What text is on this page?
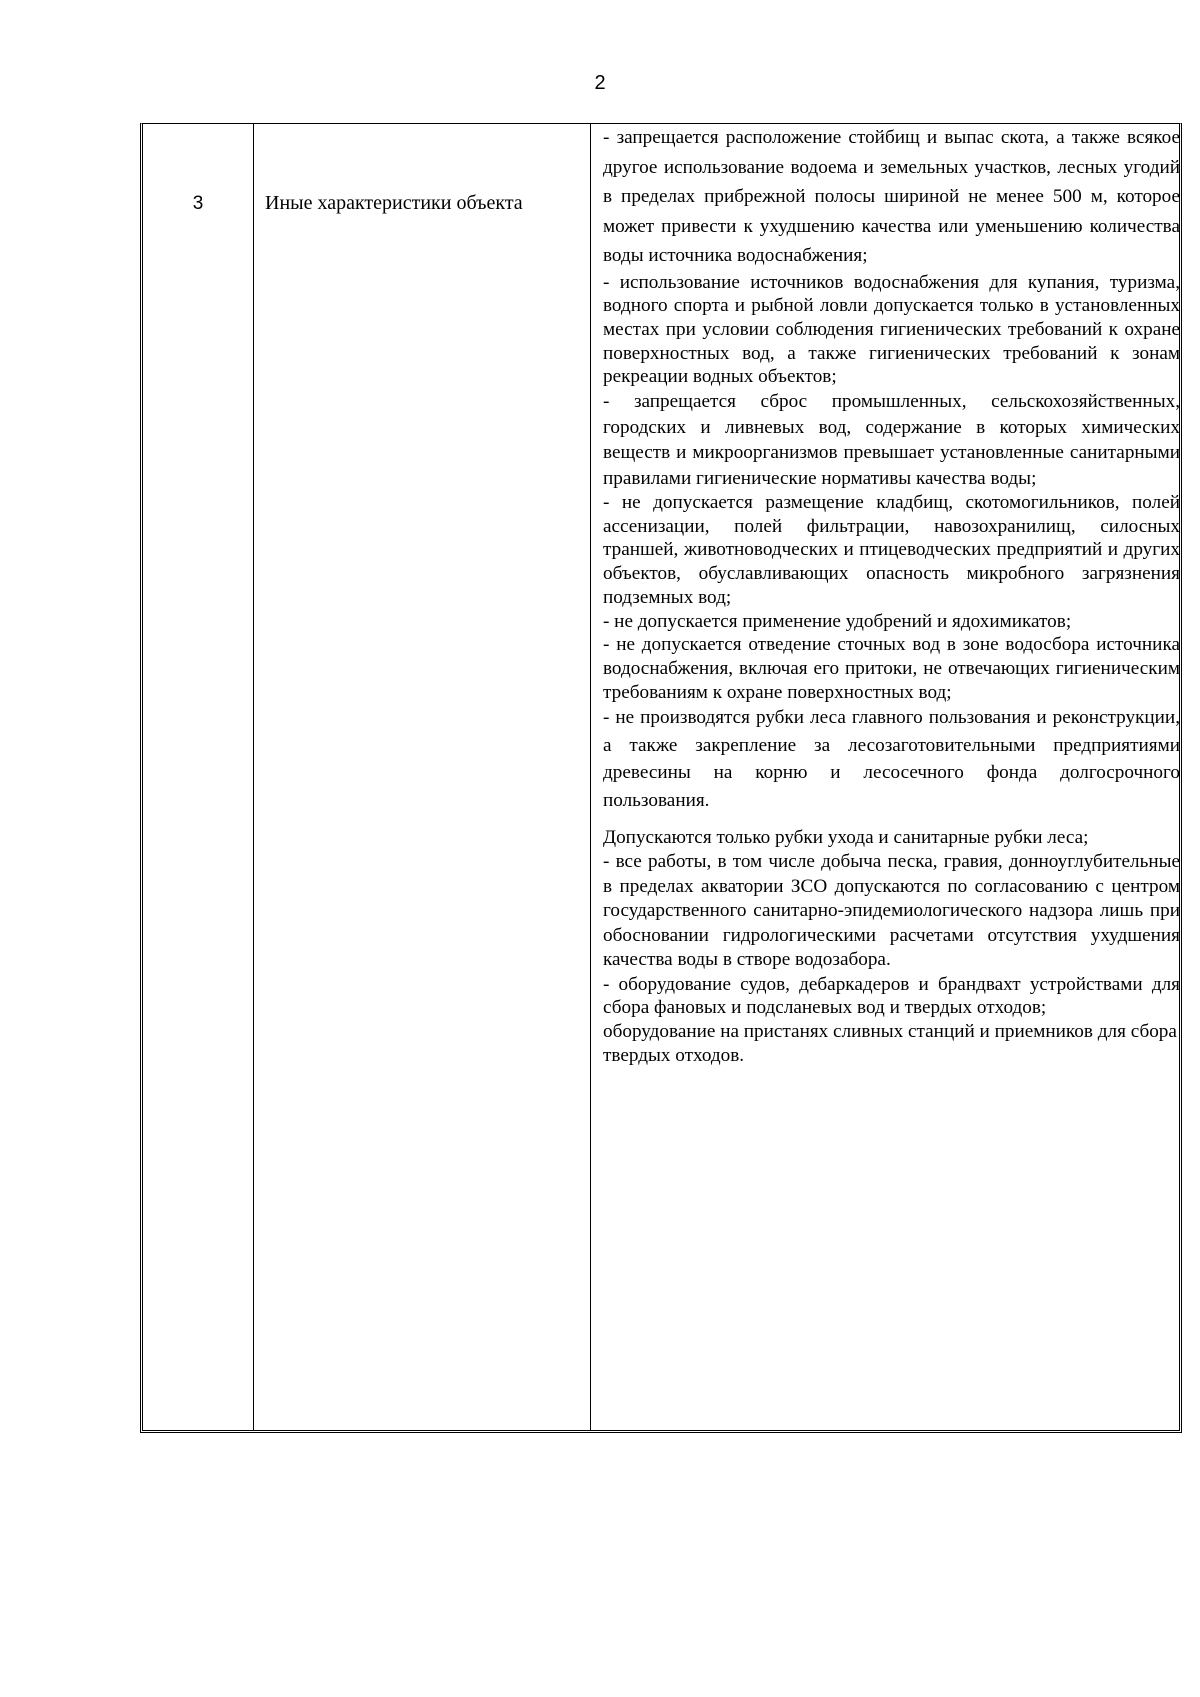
2
3	Иные характеристики объекта

- запрещается расположение стойбищ и выпас скота, а также всякое другое использование водоема и земельных участков, лесных угодий в пределах прибрежной полосы шириной не менее 500 м, которое может привести к ухудшению качества или уменьшению количества воды источника водоснабжения;

- использование источников водоснабжения для купания, туризма, водного спорта и рыбной ловли допускается только в установленных местах при условии соблюдения гигиенических требований к охране поверхностных вод, а также гигиенических требований к зонам рекреации водных объектов;

- запрещается сброс промышленных, сельскохозяйственных, городских и ливневых вод, содержание в которых химических веществ и микроорганизмов превышает установленные санитарными правилами гигиенические нормативы качества воды;

- не допускается размещение кладбищ, скотомогильников, полей ассенизации, полей фильтрации, навозохранилищ, силосных траншей, животноводческих и птицеводческих предприятий и других объектов, обуславливающих опасность микробного загрязнения подземных вод;

- не допускается применение удобрений и ядохимикатов;

- не допускается отведение сточных вод в зоне водосбора источника водоснабжения, включая его притоки, не отвечающих гигиеническим требованиям к охране поверхностных вод;

- не производятся рубки леса главного пользования и реконструкции, а также закрепление за лесозаготовительными предприятиями древесины на корню и лесосечного фонда долгосрочного пользования.

Допускаются только рубки ухода и санитарные рубки леса;

- все работы, в том числе добыча песка, гравия, донноуглубительные в пределах акватории ЗСО допускаются по согласованию с центром государственного санитарно-эпидемиологического надзора лишь при обосновании гидрологическими расчетами отсутствия ухудшения качества воды в створе водозабора.

- оборудование судов, дебаркадеров и брандвахт устройствами для сбора фановых и подсланевых вод и твердых отходов;

оборудование на пристанях сливных станций и приемников для сбора твердых отходов.
